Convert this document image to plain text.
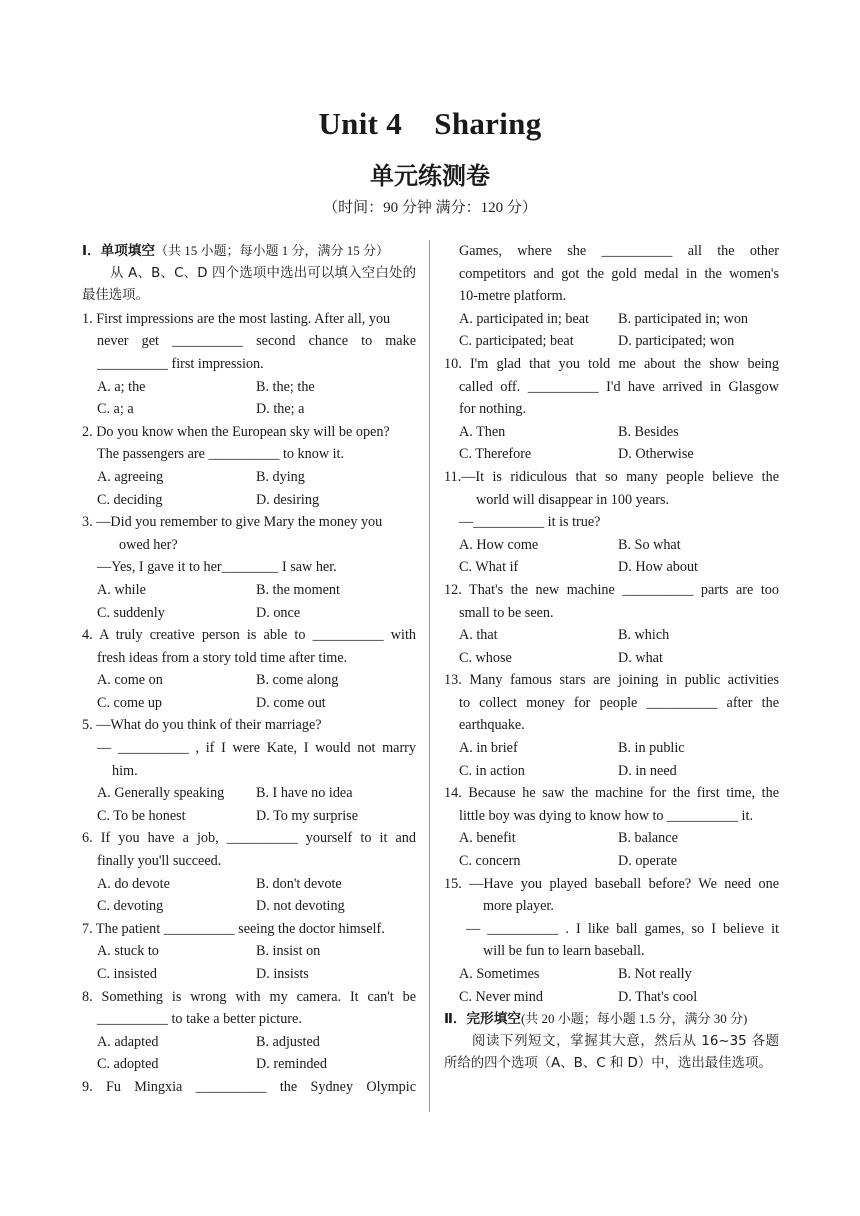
Unit 4    Sharing
单元练测卷
（时间：90 分钟 满分：120 分）

Ⅰ．单项填空（共 15 小题；每小题 1 分，满分 15 分）

从 A、B、C、D 四个选项中选出可以填入空白处的最佳选项。

1. First impressions are the most lasting. After all, you

never get __________ second chance to make

__________ first impression.

A. a; the	B. the; the
C. a; a	D. the; a

2. Do you know when the European sky will be open?

The passengers are __________ to know it.

A. agreeing	B. dying
C. deciding	D. desiring

3. —Did you remember to give Mary the money you

owed her?

—Yes, I gave it to her________ I saw her.

A. while	B. the moment
C. suddenly	D. once

4. A truly creative person is able to __________ with

fresh ideas from a story told time after time.

A. come on	B. come along
C. come up	D. come out

5. —What do you think of their marriage?

— __________ , if I were Kate, I would not marry

him.

A. Generally speaking	B. I have no idea
C. To be honest	D. To my surprise

6. If you have a job, __________ yourself to it and

finally you'll succeed.

A. do devote	B. don't devote
C. devoting	D. not devoting

7. The patient __________ seeing the doctor himself.

A. stuck to	B. insist on
C. insisted	D. insists

8. Something is wrong with my camera. It can't be

__________ to take a better picture.

A. adapted	B. adjusted
C. adopted	D. reminded

9. Fu Mingxia __________ the Sydney Olympic

Games, where she __________ all the other

competitors and got the gold medal in the women's

10-metre platform.

A. participated in; beat	B. participated in; won
C. participated; beat	D. participated; won

10. I'm glad that you told me about the show being

called off. __________ I'd have arrived in Glasgow

for nothing.

A. Then	B. Besides
C. Therefore	D. Otherwise

11.—It is ridiculous that so many people believe the

world will disappear in 100 years.

—__________ it is true?

A. How come	B. So what
C. What if	D. How about

12. That's the new machine __________ parts are too

small to be seen.

A. that	B. which
C. whose	D. what

13. Many famous stars are joining in public activities

to collect money for people __________ after the

earthquake.

A. in brief	B. in public
C. in action	D. in need

14. Because he saw the machine for the first time, the

little boy was dying to know how to __________ it.

A. benefit	B. balance
C. concern	D. operate

15. —Have you played baseball before? We need one

more player.

— __________ . I like ball games, so I believe it

will be fun to learn baseball.

A. Sometimes	B. Not really
C. Never mind	D. That's cool

Ⅱ．完形填空(共 20 小题；每小题 1.5 分，满分 30 分)

阅读下列短文，掌握其大意，然后从 16~35 各题所给的四个选项（A、B、C 和 D）中，选出最佳选项。
